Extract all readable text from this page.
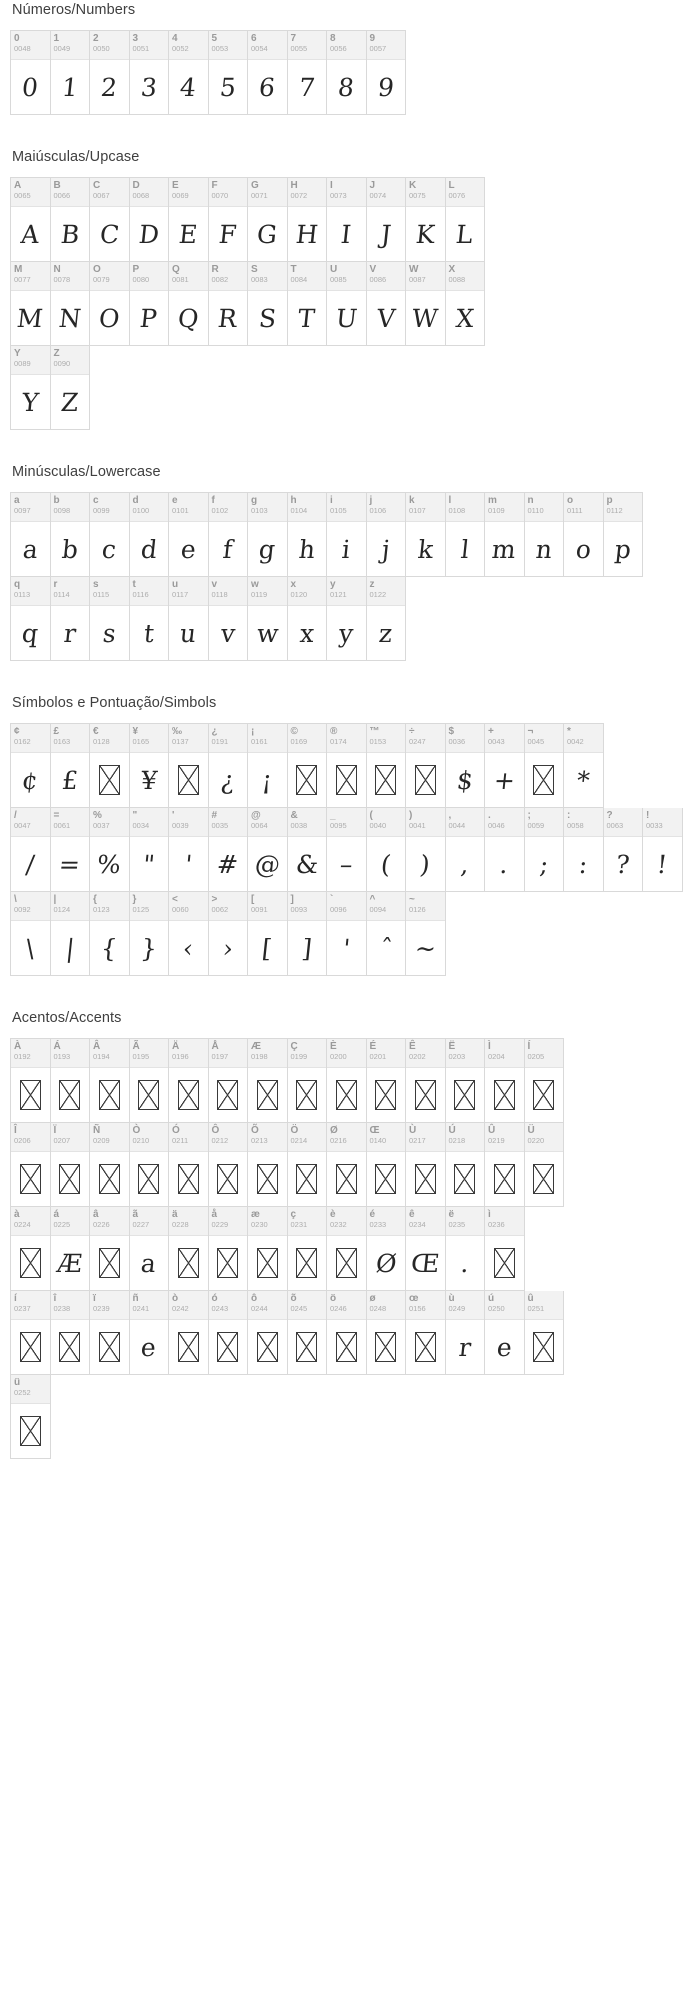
Números/Numbers
0
0048
0
1
0049
1
2
0050
2
3
0051
3
4
0052
4
5
0053
5
6
0054
6
7
0055
7
8
0056
8
9
0057
9
Maiúsculas/Upcase
A
0065
A
B
0066
B
C
0067
C
D
0068
D
E
0069
E
F
0070
F
G
0071
G
H
0072
H
I
0073
I
J
0074
J
K
0075
K
L
0076
L
M
0077
M
N
0078
N
O
0079
O
P
0080
P
Q
0081
Q
R
0082
R
S
0083
S
T
0084
T
U
0085
U
V
0086
V
W
0087
W
X
0088
X
Y
0089
Y
Z
0090
Z
Minúsculas/Lowercase
a
0097
a
b
0098
b
c
0099
c
d
0100
d
e
0101
e
f
0102
f
g
0103
g
h
0104
h
i
0105
i
j
0106
j
k
0107
k
l
0108
l
m
0109
m
n
0110
n
o
0111
o
p
0112
p
q
0113
q
r
0114
r
s
0115
s
t
0116
t
u
0117
u
v
0118
v
w
0119
w
x
0120
x
y
0121
y
z
0122
z
Símbolos e Pontuação/Simbols
¢
0162
¢
£
0163
£
€
0128
¥
0165
¥
‰
0137
¿
0191
¿
¡
0161
¡
©
0169
®
0174
™
0153
÷
0247
$
0036
$
+
0043
+
¬
0045
*
0042
*
/
0047
/
=
0061
=
%
0037
%
"
0034
"
'
0039
'
#
0035
#
@
0064
@
&
0038
&
_
0095
–
(
0040
(
)
0041
)
,
0044
,
.
0046
.
;
0059
;
:
0058
:
?
0063
?
!
0033
!
\
0092
\
|
0124
|
{
0123
{
}
0125
}
<
0060
‹
>
0062
›
[
0091
[
]
0093
]
`
0096
'
^
0094
ˆ
~
0126
~
Acentos/Accents
À
0192
Á
0193
Â
0194
Ã
0195
Ä
0196
Å
0197
Æ
0198
Ç
0199
È
0200
É
0201
Ê
0202
Ë
0203
Ì
0204
Í
0205
Î
0206
Ï
0207
Ñ
0209
Ò
0210
Ó
0211
Ô
0212
Õ
0213
Ö
0214
Ø
0216
Œ
0140
Ù
0217
Ú
0218
Û
0219
Ü
0220
à
0224
á
0225
Æ
â
0226
ã
0227
a
ä
0228
å
0229
æ
0230
ç
0231
è
0232
é
0233
Ø
ê
0234
Œ
ë
0235
.
ì
0236
í
0237
î
0238
ï
0239
ñ
0241
e
ò
0242
ó
0243
ô
0244
õ
0245
ö
0246
ø
0248
œ
0156
ù
0249
r
ú
0250
e
û
0251
ü
0252
